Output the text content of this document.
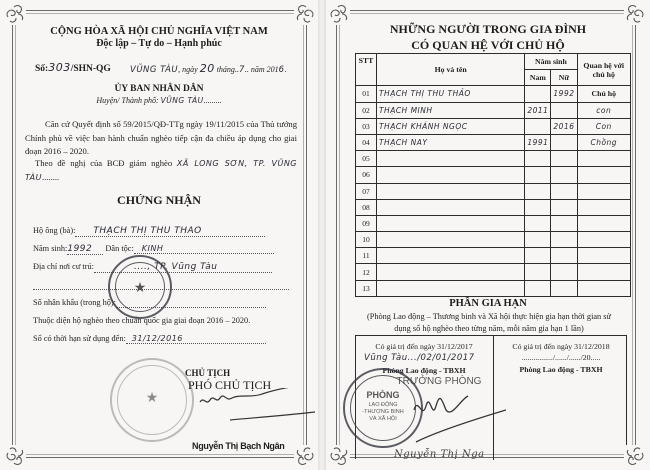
CỘNG HÒA XÃ HỘI CHỦ NGHĨA VIỆT NAM
Độc lập – Tự do – Hạnh phúc
Số:303/SHN-QG VŨNG TÀU, ngày 20 tháng..7.. năm 2016.
ỦY BAN NHÂN DÂN
Huyện/ Thành phố: VŨNG TÀU.........
Căn cứ Quyết định số 59/2015/QĐ-TTg ngày 19/11/2015 của Thủ tướng Chính phủ về việc ban hành chuẩn nghèo tiếp cận đa chiều áp dụng cho giai đoạn 2016 – 2020.
Theo đề nghị của BCĐ giảm nghèo XÃ LONG SƠN, TP. VŨNG TÀU........
CHỨNG NHẬN
Hộ ông (bà): THẠCH THỊ THU THẢO
Năm sinh:1992 Dân tộc: KINH
Địa chỉ nơi cư trú:	...., TP. Vũng Tàu

Số nhân khẩu (trong hộ):
Thuộc diện hộ nghèo theo chuẩn quốc gia giai đoạn 2016 – 2020.
Sổ có thời hạn sử dụng đến: 31/12/2016
★
★
CHỦ TỊCH
PHÓ CHỦ TỊCH
Nguyễn Thị Bạch Ngân
NHỮNG NGƯỜI TRONG GIA ĐÌNH
CÓ QUAN HỆ VỚI CHỦ HỘ
STT	Họ và tên	Năm sinh		Quan hệ với chủ hộ
		Nam	Nữ	
01	THẠCH THỊ THU THẢO		1992	Chủ hộ
02	THẠCH MINH	2011		con
03	THẠCH KHÁNH NGỌC		2016	Con
04	THẠCH NAY	1991		Chồng
05				
06				
07				
08				
09				
10				
11				
12				
13				
PHẦN GIA HẠN
(Phòng Lao động – Thương binh và Xã hội thực hiện gia hạn thời gian sử dụng sổ hộ nghèo theo từng năm, mỗi năm gia hạn 1 lần)
Có giá trị đến ngày 31/12/2017
Vũng Tàu.../02/01/2017
Phòng Lao động - TBXH
TRƯỞNG PHÒNG
Có giá trị đến ngày 31/12/2018
................/....../....../20.....
Phòng Lao động - TBXH
PHÒNG
LAO ĐỘNG
-THƯƠNG BINH
VÀ XÃ HỘI
Nguyễn Thị Nga
